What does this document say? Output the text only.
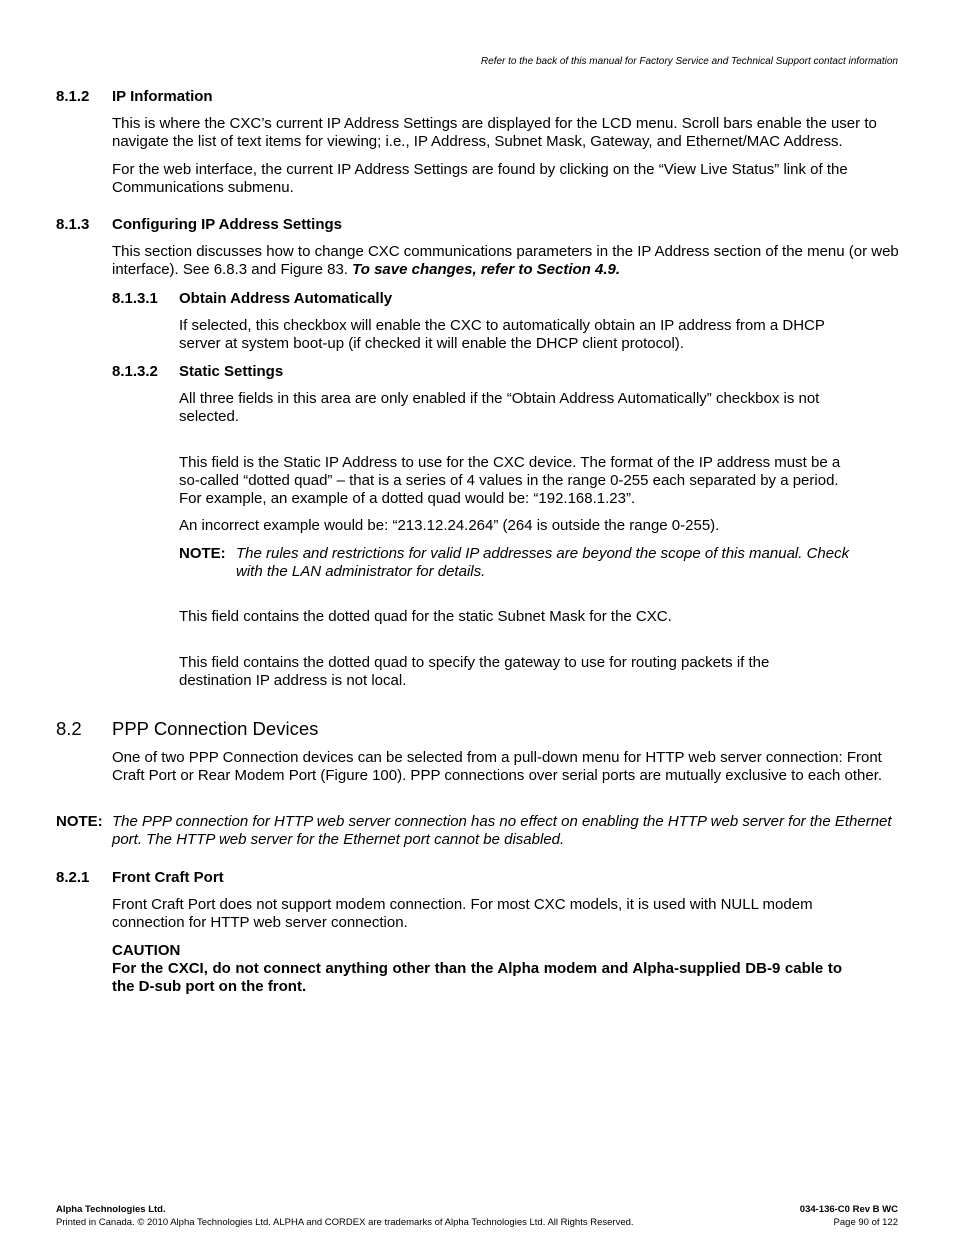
Refer to the back of this manual for Factory Service and Technical Support contact information
8.1.2 IP Information
This is where the CXC’s current IP Address Settings are displayed for the LCD menu. Scroll bars enable the user to navigate the list of text items for viewing; i.e., IP Address, Subnet Mask, Gateway, and Ethernet/MAC Address.
For the web interface, the current IP Address Settings are found by clicking on the “View Live Status” link of the Communications submenu.
8.1.3 Configuring IP Address Settings
This section discusses how to change CXC communications parameters in the IP Address section of the menu (or web interface). See 6.8.3 and Figure 83. To save changes, refer to Section 4.9.
8.1.3.1 Obtain Address Automatically
If selected, this checkbox will enable the CXC to automatically obtain an IP address from a DHCP server at system boot-up (if checked it will enable the DHCP client protocol).
8.1.3.2 Static Settings
All three fields in this area are only enabled if the “Obtain Address Automatically” checkbox is not selected.
This field is the Static IP Address to use for the CXC device. The format of the IP address must be a so-called “dotted quad” – that is a series of 4 values in the range 0-255 each separated by a period. For example, an example of a dotted quad would be: “192.168.1.23”.
An incorrect example would be: “213.12.24.264” (264 is outside the range 0-255).
NOTE: The rules and restrictions for valid IP addresses are beyond the scope of this manual. Check with the LAN administrator for details.
This field contains the dotted quad for the static Subnet Mask for the CXC.
This field contains the dotted quad to specify the gateway to use for routing packets if the destination IP address is not local.
8.2 PPP Connection Devices
One of two PPP Connection devices can be selected from a pull-down menu for HTTP web server connection: Front Craft Port or Rear Modem Port (Figure 100). PPP connections over serial ports are mutually exclusive to each other.
NOTE: The PPP connection for HTTP web server connection has no effect on enabling the HTTP web server for the Ethernet port. The HTTP web server for the Ethernet port cannot be disabled.
8.2.1 Front Craft Port
Front Craft Port does not support modem connection. For most CXC models, it is used with NULL modem connection for HTTP web server connection.
CAUTION
For the CXCI, do not connect anything other than the Alpha modem and Alpha-supplied DB-9 cable to the D-sub port on the front.
Alpha Technologies Ltd.
Printed in Canada. © 2010 Alpha Technologies Ltd. ALPHA and CORDEX are trademarks of Alpha Technologies Ltd. All Rights Reserved.
034-136-C0 Rev B WC
Page 90 of 122
